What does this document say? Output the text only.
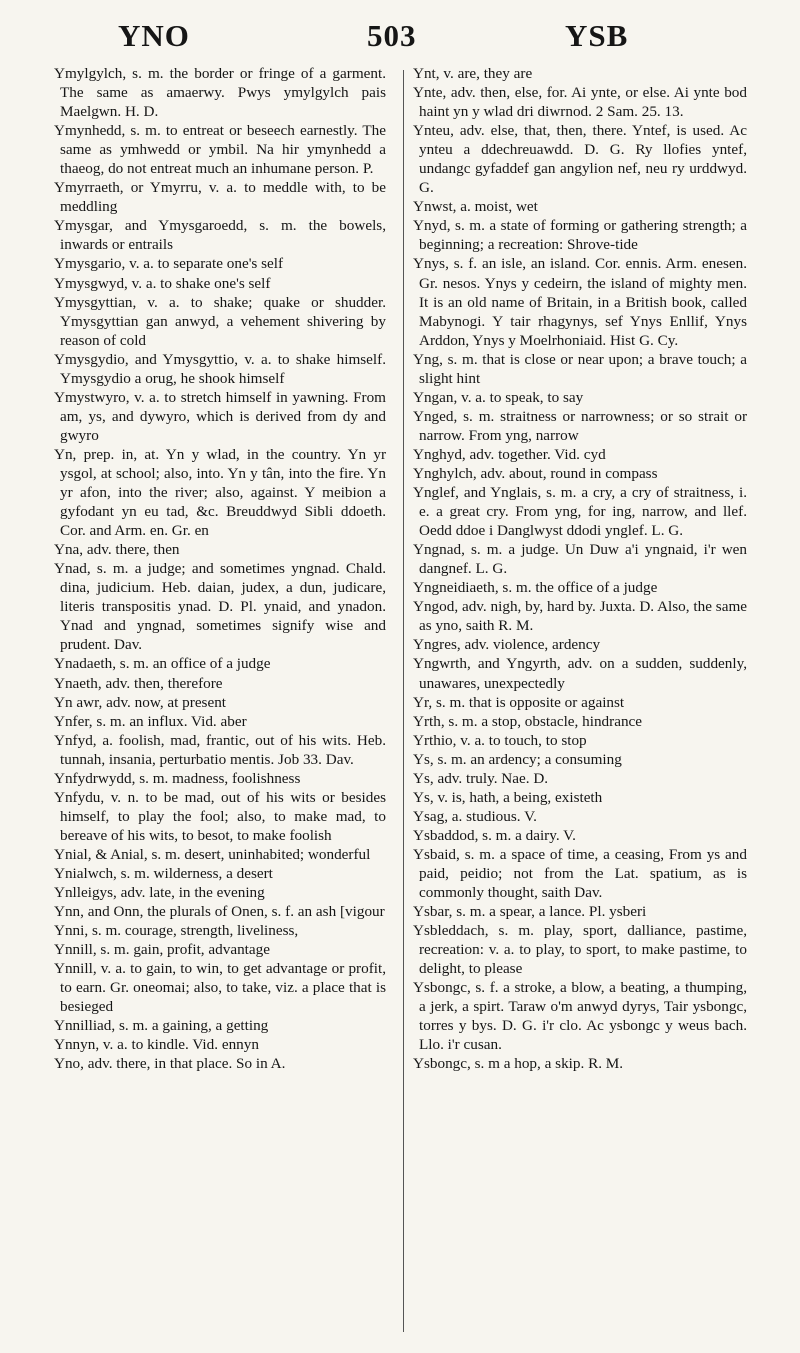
YNO	503	YSB
Ymylgylch, s. m. the border or fringe of a garment. The same as amaerwy. Pwys ymylgylch pais Maelgwn. H. D.
Ymynhedd, s. m. to entreat or beseech earnestly. The same as ymhwedd or ymbil. Na hir ymynhedd a thaeog, do not entreat much an inhumane person. P.
Ymyrraeth, or Ymyrru, v. a. to meddle with, to be meddling
Ymysgar, and Ymysgaroedd, s. m. the bowels, inwards or entrails
Ymysgario, v. a. to separate one's self
Ymysgwyd, v. a. to shake one's self
Ymysgyttian, v. a. to shake; quake or shudder. Ymysgyttian gan anwyd, a vehement shivering by reason of cold
Ymysgydio, and Ymysgyttio, v. a. to shake himself. Ymysgydio a orug, he shook himself
Ymystwyro, v. a. to stretch himself in yawning. From am, ys, and dywyro, which is derived from dy and gwyro
Yn, prep. in, at. Yn y wlad, in the country. Yn yr ysgol, at school; also, into. Yn y tân, into the fire. Yn yr afon, into the river; also, against. Y meibion a gyfodant yn eu tad, &c. Breuddwyd Sibli ddoeth. Cor. and Arm. en. Gr. en
Yna, adv. there, then
Ynad, s. m. a judge; and sometimes yngnad. Chald. dina, judicium. Heb. daian, judex, a dun, judicare, literis transpositis ynad. D. Pl. ynaid, and ynadon. Ynad and yngnad, sometimes signify wise and prudent. Dav.
Ynadaeth, s. m. an office of a judge
Ynaeth, adv. then, therefore
Yn awr, adv. now, at present
Ynfer, s. m. an influx. Vid. aber
Ynfyd, a. foolish, mad, frantic, out of his wits. Heb. tunnah, insania, perturbatio mentis. Job 33. Dav.
Ynfydrwydd, s. m. madness, foolishness
Ynfydu, v. n. to be mad, out of his wits or besides himself, to play the fool; also, to make mad, to bereave of his wits, to besot, to make foolish
Ynial, & Anial, s. m. desert, uninhabited; wonderful
Ynialwch, s. m. wilderness, a desert
Ynlleigys, adv. late, in the evening
Ynn, and Onn, the plurals of Onen, s. f. an ash [vigour
Ynni, s. m. courage, strength, liveliness,
Ynnill, s. m. gain, profit, advantage
Ynnill, v. a. to gain, to win, to get advantage or profit, to earn. Gr. oneomai; also, to take, viz. a place that is besieged
Ynnilliad, s. m. a gaining, a getting
Ynnyn, v. a. to kindle. Vid. ennyn
Yno, adv. there, in that place. So in A.
Ynt, v. are, they are
Ynte, adv. then, else, for. Ai ynte, or else. Ai ynte bod haint yn y wlad dri diwrnod. 2 Sam. 25. 13.
Ynteu, adv. else, that, then, there. Yntef, is used. Ac ynteu a ddechreuawdd. D. G. Ry llofies yntef, undangc gyfaddef gan angylion nef, neu ry urddwyd. G.
Ynwst, a. moist, wet
Ynyd, s. m. a state of forming or gathering strength; a beginning; a recreation: Shrove-tide
Ynys, s. f. an isle, an island. Cor. ennis. Arm. enesen. Gr. nesos. Ynys y cedeirn, the island of mighty men. It is an old name of Britain, in a British book, called Mabynogi. Y tair rhagynys, sef Ynys Enllif, Ynys Arddon, Ynys y Moelrhoniaid. Hist G. Cy.
Yng, s. m. that is close or near upon; a brave touch; a slight hint
Yngan, v. a. to speak, to say
Ynged, s. m. straitness or narrowness; or so strait or narrow. From yng, narrow
Ynghyd, adv. together. Vid. cyd
Ynghylch, adv. about, round in compass
Ynglef, and Ynglais, s. m. a cry, a cry of straitness, i. e. a great cry. From yng, for ing, narrow, and llef. Oedd ddoe i Danglwyst ddodi ynglef. L. G.
Yngnad, s. m. a judge. Un Duw a'i yngnaid, i'r wen dangnef. L. G.
Yngneidiaeth, s. m. the office of a judge
Yngod, adv. nigh, by, hard by. Juxta. D. Also, the same as yno, saith R. M.
Yngres, adv. violence, ardency
Yngwrth, and Yngyrth, adv. on a sudden, suddenly, unawares, unexpectedly
Yr, s. m. that is opposite or against
Yrth, s. m. a stop, obstacle, hindrance
Yrthio, v. a. to touch, to stop
Ys, s. m. an ardency; a consuming
Ys, adv. truly. Nae. D.
Ys, v. is, hath, a being, existeth
Ysag, a. studious. V.
Ysbaddod, s. m. a dairy. V.
Ysbaid, s. m. a space of time, a ceasing, From ys and paid, peidio; not from the Lat. spatium, as is commonly thought, saith Dav.
Ysbar, s. m. a spear, a lance. Pl. ysberi
Ysbleddach, s. m. play, sport, dalliance, pastime, recreation: v. a. to play, to sport, to make pastime, to delight, to please
Ysbongc, s. f. a stroke, a blow, a beating, a thumping, a jerk, a spirt. Taraw o'm anwyd dyrys, Tair ysbongc, torres y bys. D. G. i'r clo. Ac ysbongc y weus bach. Llo. i'r cusan.
Ysbongc, s. m a hop, a skip. R. M.
